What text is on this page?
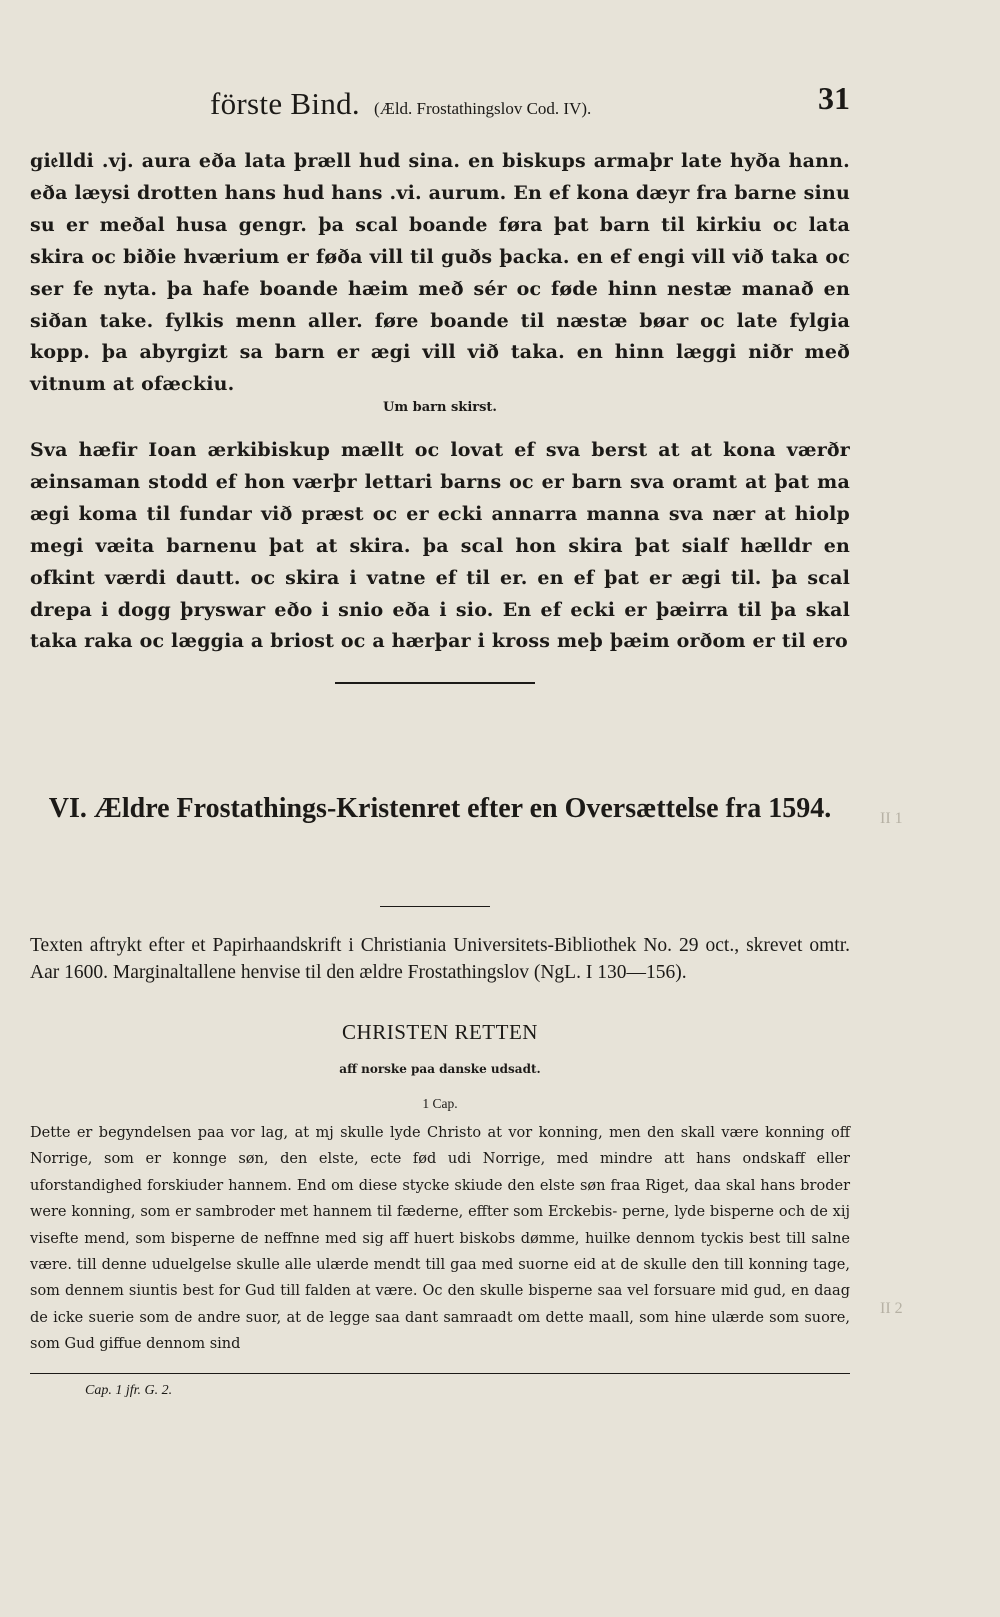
förste Bind. (Æld. Frostathingslov Cod. IV).	31
gi𝔢lldi .vj. aura eða lata þræll hud sina. en biskups armaþr late hyða hann. eða læysi drotten hans hud hans .vi. aurum. En ef kona dæyr fra barne sinu su er meðal husa gengr. þa scal boande føra þat barn til kirkiu oc lata skira oc biðie hværium er føða vill til guðs þacka. en ef engi vill við taka oc ser fe nyta. þa hafe boande hæim með sér oc føde hinn nestæ manað en siðan take. fylkis menn aller. føre boande til næstæ bøar oc late fylgia kopp. þa abyrgizt sa barn er ægi vill við taka. en hinn læggi niðr með vitnum at ofæckiu.
Um barn skirst.
Sva hæfir Ioan ærkibiskup mællt oc lovat ef sva berst at at kona værðr æinsaman stodd ef hon værþr lettari barns oc er barn sva oramt at þat ma ægi koma til fundar við præst oc er ecki annarra manna sva nær at hiolp megi væita barnenu þat at skira. þa scal hon skira þat sialf hælldr en ofkint værdi dautt. oc skira i vatne ef til er. en ef þat er ægi til. þa scal drepa i dogg þryswar eðo i snio eða i sio. En ef ecki er þæirra til þa skal taka raka oc læggia a briost oc a hærþar i kross meþ þæim orðom er til ero
VI. Ældre Frostathings-Kristenret efter en Oversættelse fra 1594.
Texten aftrykt efter et Papirhaandskrift i Christiania Universitets-Bibliothek No. 29 oct., skrevet omtr. Aar 1600. Marginaltallene henvise til den ældre Frostathingslov (NgL. I 130—156).
CHRISTEN RETTEN
aff norske paa danske udsadt.
1 Cap.
Dette er begyndelsen paa vor lag, at mj skulle lyde Christo at vor konning, men den skall være konning off Norrige, som er konnge søn, den elste, ecte fød udi Norrige, med mindre att hans ondskaff eller uforstandighed forskiuder hannem. End om diese stycke skiude den elste søn fraa Riget, daa skal hans broder were konning, som er sambroder met hannem til fæderne, effter som Erckebis- perne, lyde bisperne och de xij visefte mend, som bisperne de neffnne med sig aff huert biskobs dømme, huilke dennom tyckis best till salne være. till denne uduelgelse skulle alle ulærde mendt till gaa med suorne eid at de skulle den till konning tage, som dennem siuntis best for Gud till falden at være. Oc den skulle bisperne saa vel forsuare mid gud, en daag de icke suerie som de andre suor, at de legge saa dant samraadt om dette maall, som hine ulærde som suore, som Gud giffue dennom sind
Cap. 1 jfr. G. 2.
II 1
II 2
